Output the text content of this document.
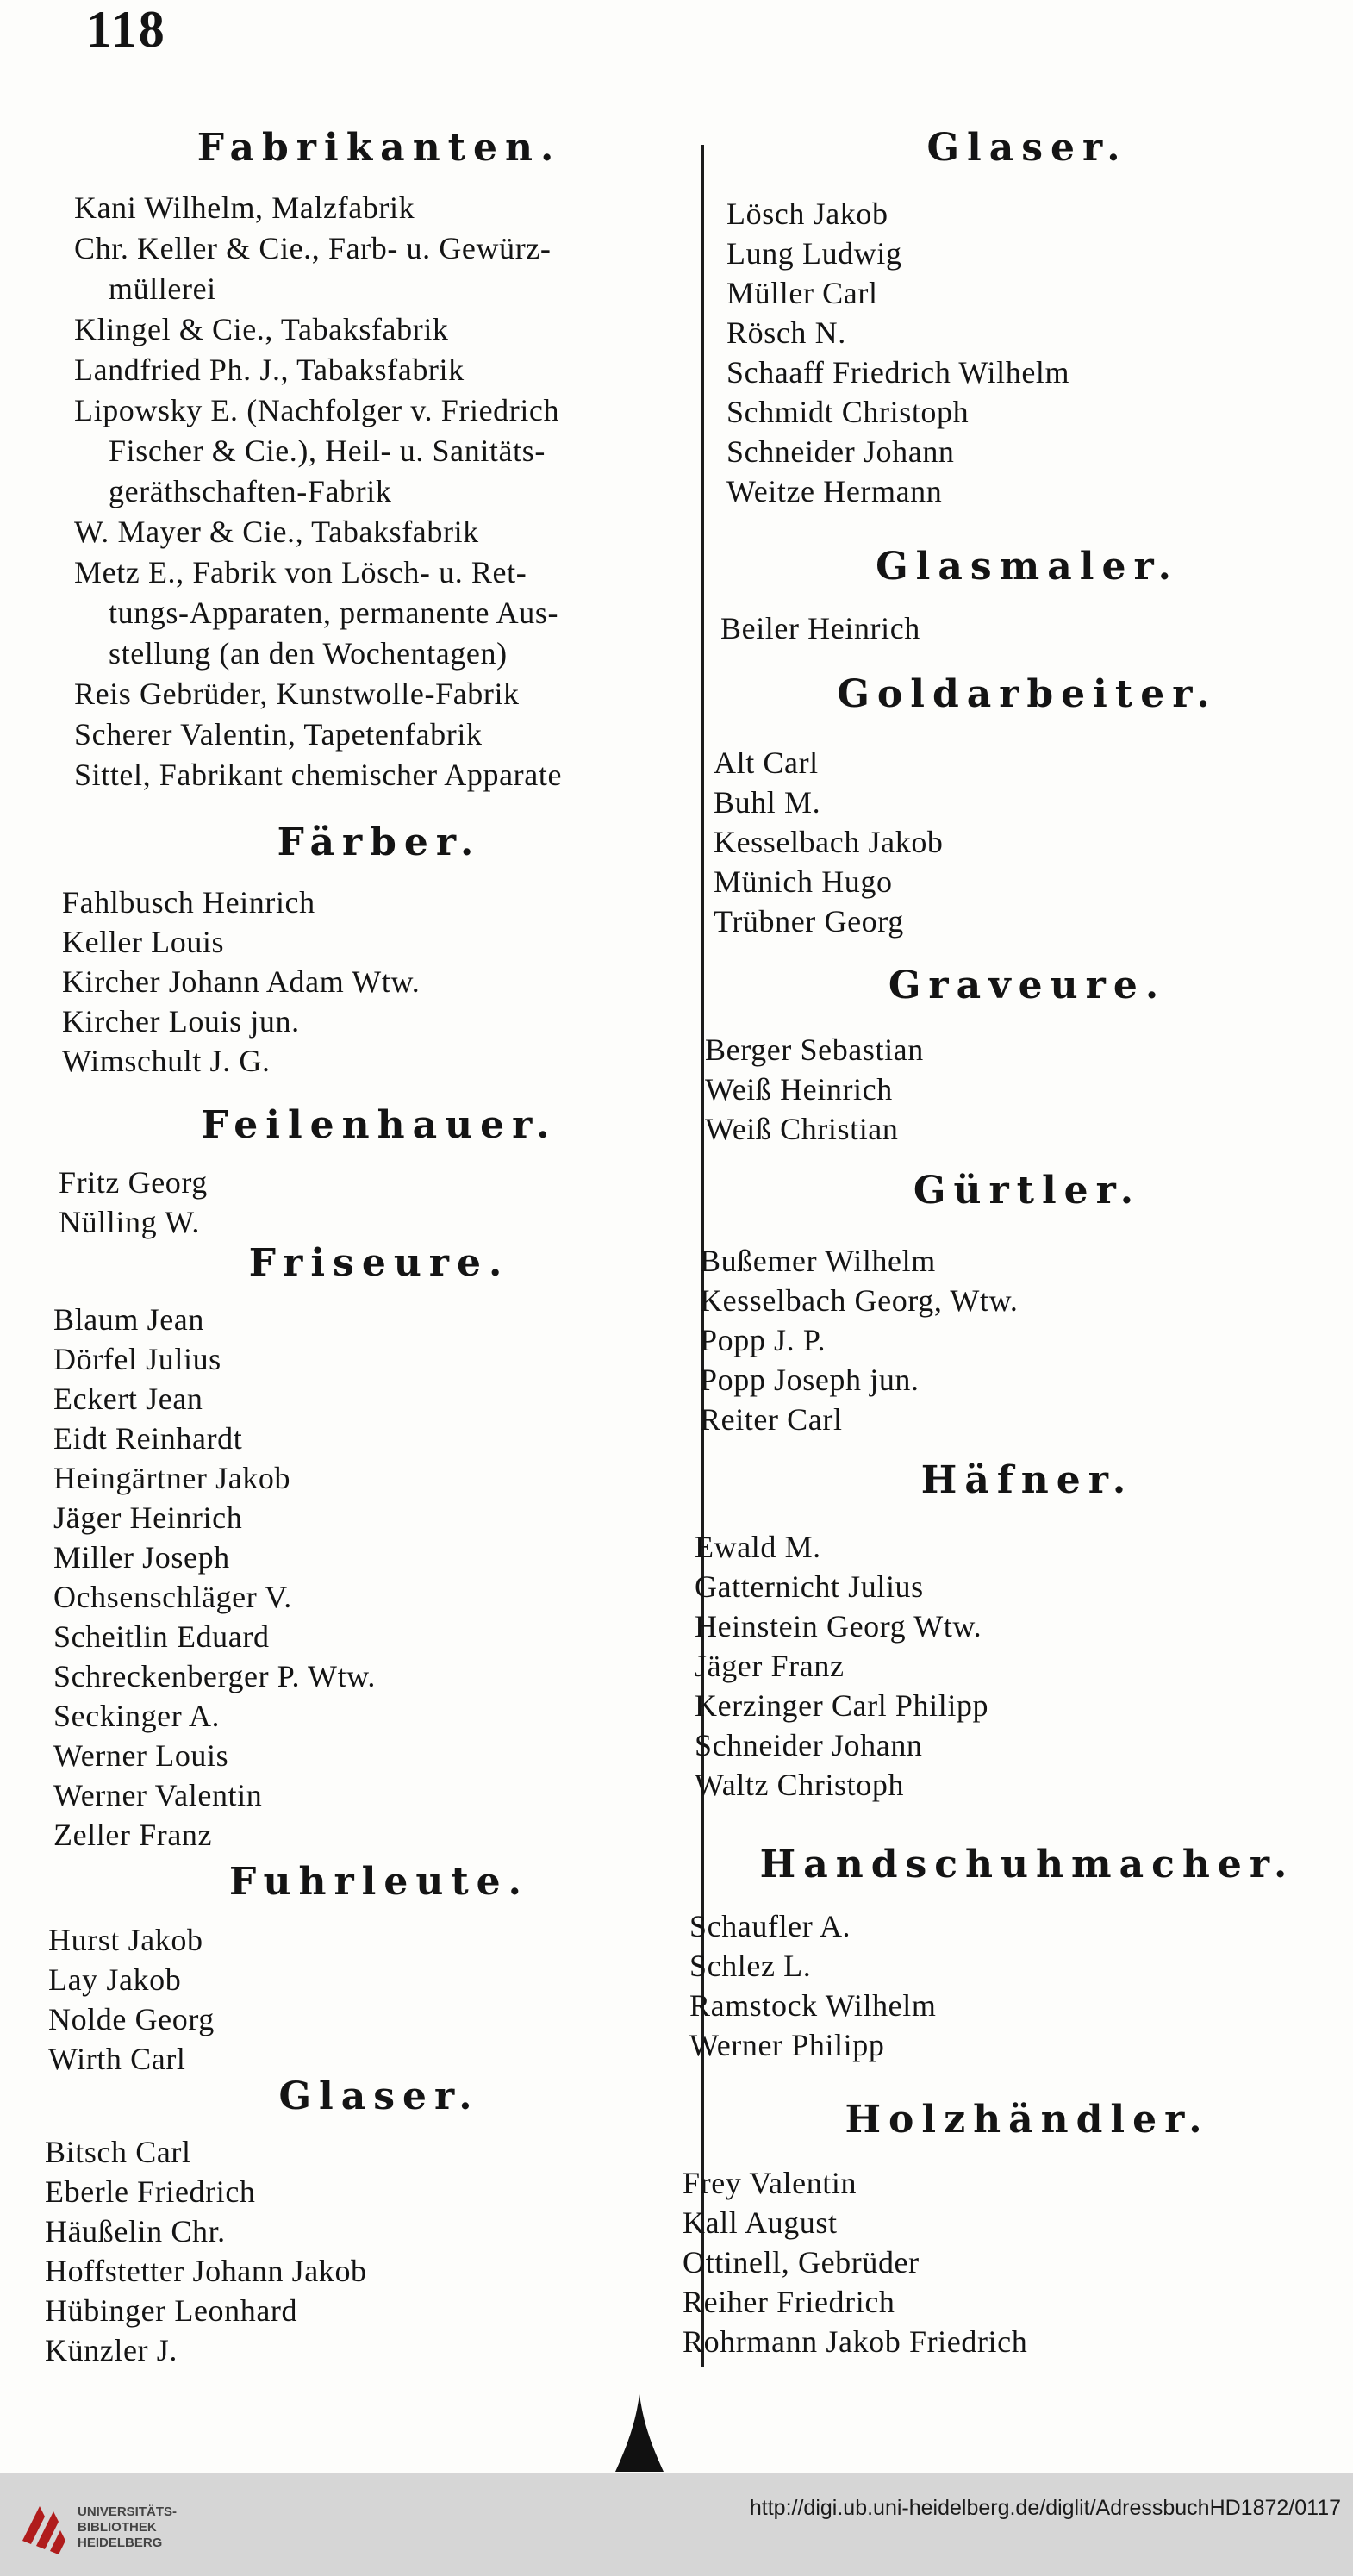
118
Fabrikanten.
Kani Wilhelm, Malzfabrik
Chr. Keller & Cie., Farb- u. Gewürz-
müllerei
Klingel & Cie., Tabaksfabrik
Landfried Ph. J., Tabaksfabrik
Lipowsky E. (Nachfolger v. Friedrich
Fischer & Cie.), Heil- u. Sanitäts-
geräthschaften-Fabrik
W. Mayer & Cie., Tabaksfabrik
Metz E., Fabrik von Lösch- u. Ret-
tungs-Apparaten, permanente Aus-
stellung (an den Wochentagen)
Reis Gebrüder, Kunstwolle-Fabrik
Scherer Valentin, Tapetenfabrik
Sittel, Fabrikant chemischer Apparate
Färber.
Fahlbusch Heinrich
Keller Louis
Kircher Johann Adam Wtw.
Kircher Louis jun.
Wimschult J. G.
Feilenhauer.
Fritz Georg
Nülling W.
Friseure.
Blaum Jean
Dörfel Julius
Eckert Jean
Eidt Reinhardt
Heingärtner Jakob
Jäger Heinrich
Miller Joseph
Ochsenschläger V.
Scheitlin Eduard
Schreckenberger P. Wtw.
Seckinger A.
Werner Louis
Werner Valentin
Zeller Franz
Fuhrleute.
Hurst Jakob
Lay Jakob
Nolde Georg
Wirth Carl
Glaser.
Bitsch Carl
Eberle Friedrich
Häußelin Chr.
Hoffstetter Johann Jakob
Hübinger Leonhard
Künzler J.
Glaser.
Lösch Jakob
Lung Ludwig
Müller Carl
Rösch N.
Schaaff Friedrich Wilhelm
Schmidt Christoph
Schneider Johann
Weitze Hermann
Glasmaler.
Beiler Heinrich
Goldarbeiter.
Alt Carl
Buhl M.
Kesselbach Jakob
Münich Hugo
Trübner Georg
Graveure.
Berger Sebastian
Weiß Heinrich
Weiß Christian
Gürtler.
Bußemer Wilhelm
Kesselbach Georg, Wtw.
Popp J. P.
Popp Joseph jun.
Reiter Carl
Häfner.
Ewald M.
Gatternicht Julius
Heinstein Georg Wtw.
Jäger Franz
Kerzinger Carl Philipp
Schneider Johann
Waltz Christoph
Handschuhmacher.
Schaufler A.
Schlez L.
Ramstock Wilhelm
Werner Philipp
Holzhändler.
Frey Valentin
Kall August
Ottinell, Gebrüder
Reiher Friedrich
Rohrmann Jakob Friedrich
UNIVERSITÄTS-
BIBLIOTHEK
HEIDELBERG
http://digi.ub.uni-heidelberg.de/diglit/AdressbuchHD1872/0117
